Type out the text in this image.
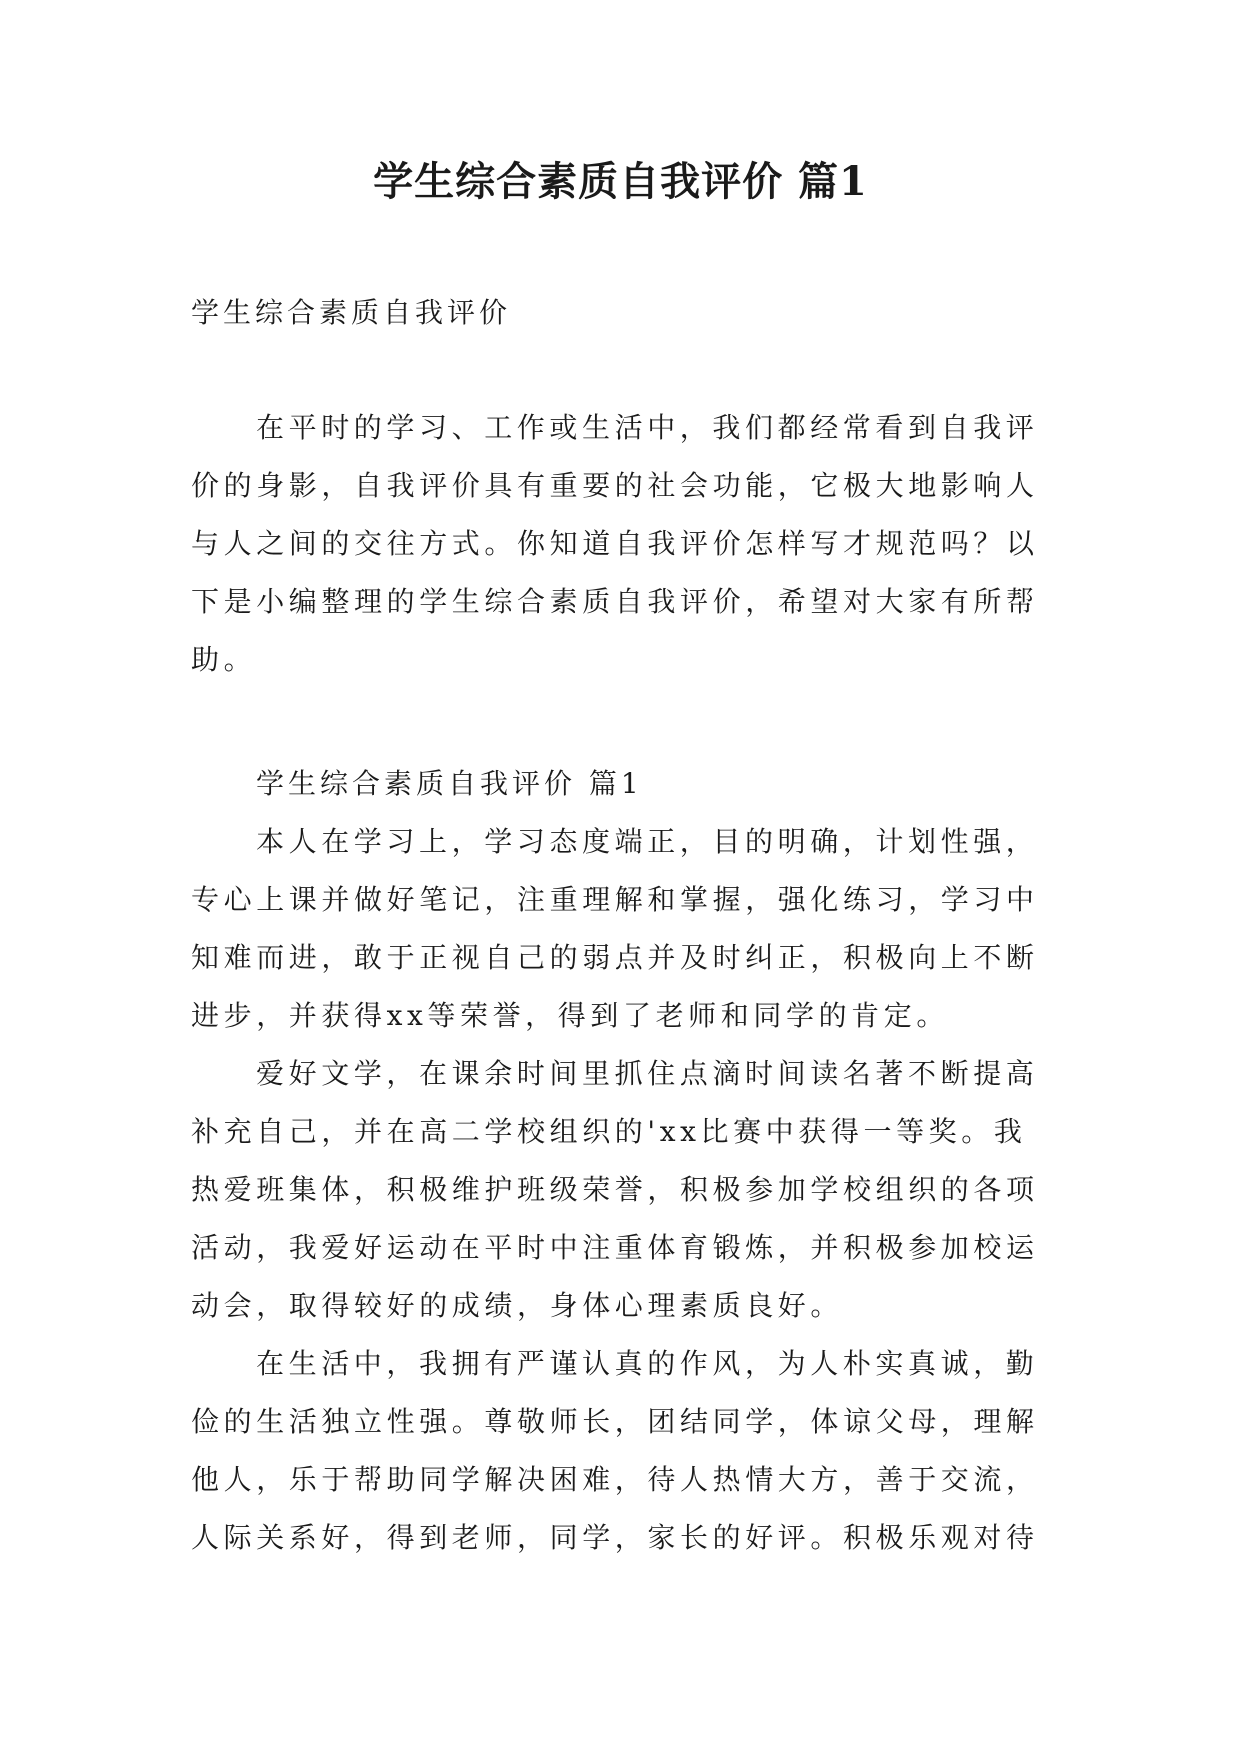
学生综合素质自我评价 篇1
学生综合素质自我评价
在平时的学习、工作或生活中，我们都经常看到自我评
价的身影，自我评价具有重要的社会功能，它极大地影响人
与人之间的交往方式。你知道自我评价怎样写才规范吗？以
下是小编整理的学生综合素质自我评价，希望对大家有所帮
助。
学生综合素质自我评价 篇1
本人在学习上，学习态度端正，目的明确，计划性强，
专心上课并做好笔记，注重理解和掌握，强化练习，学习中
知难而进，敢于正视自己的弱点并及时纠正，积极向上不断
进步，并获得xx等荣誉，得到了老师和同学的肯定。
爱好文学，在课余时间里抓住点滴时间读名著不断提高
补充自己，并在高二学校组织的'xx比赛中获得一等奖。我
热爱班集体，积极维护班级荣誉，积极参加学校组织的各项
活动，我爱好运动在平时中注重体育锻炼，并积极参加校运
动会，取得较好的成绩，身体心理素质良好。
在生活中，我拥有严谨认真的作风，为人朴实真诚，勤
俭的生活独立性强。尊敬师长，团结同学，体谅父母，理解
他人，乐于帮助同学解决困难，待人热情大方，善于交流，
人际关系好，得到老师，同学，家长的好评。积极乐观对待
